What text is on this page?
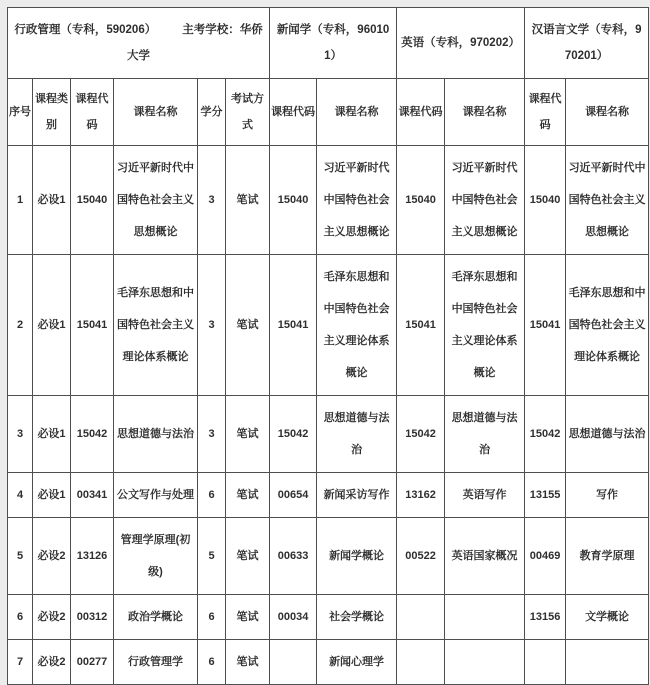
行政管理（专科，590206） 主考学校：华侨大学						新闻学（专科，960101）		英语（专科，970202）		汉语言文学（专科，970201）	
序号	课程类别	课程代码	课程名称	学分	考试方式	课程代码	课程名称	课程代码	课程名称	课程代码	课程名称
1	必设1	15040	习近平新时代中国特色社会主义思想概论	3	笔试	15040	习近平新时代中国特色社会主义思想概论	15040	习近平新时代中国特色社会主义思想概论	15040	习近平新时代中国特色社会主义思想概论
2	必设1	15041	毛泽东思想和中国特色社会主义理论体系概论	3	笔试	15041	毛泽东思想和中国特色社会主义理论体系概论	15041	毛泽东思想和中国特色社会主义理论体系概论	15041	毛泽东思想和中国特色社会主义理论体系概论
3	必设1	15042	思想道德与法治	3	笔试	15042	思想道德与法治	15042	思想道德与法治	15042	思想道德与法治
4	必设1	00341	公文写作与处理	6	笔试	00654	新闻采访写作	13162	英语写作	13155	写作
5	必设2	13126	管理学原理(初级)	5	笔试	00633	新闻学概论	00522	英语国家概况	00469	教育学原理
6	必设2	00312	政治学概论	6	笔试	00034	社会学概论			13156	文学概论
7	必设2	00277	行政管理学	6	笔试		新闻心理学				
